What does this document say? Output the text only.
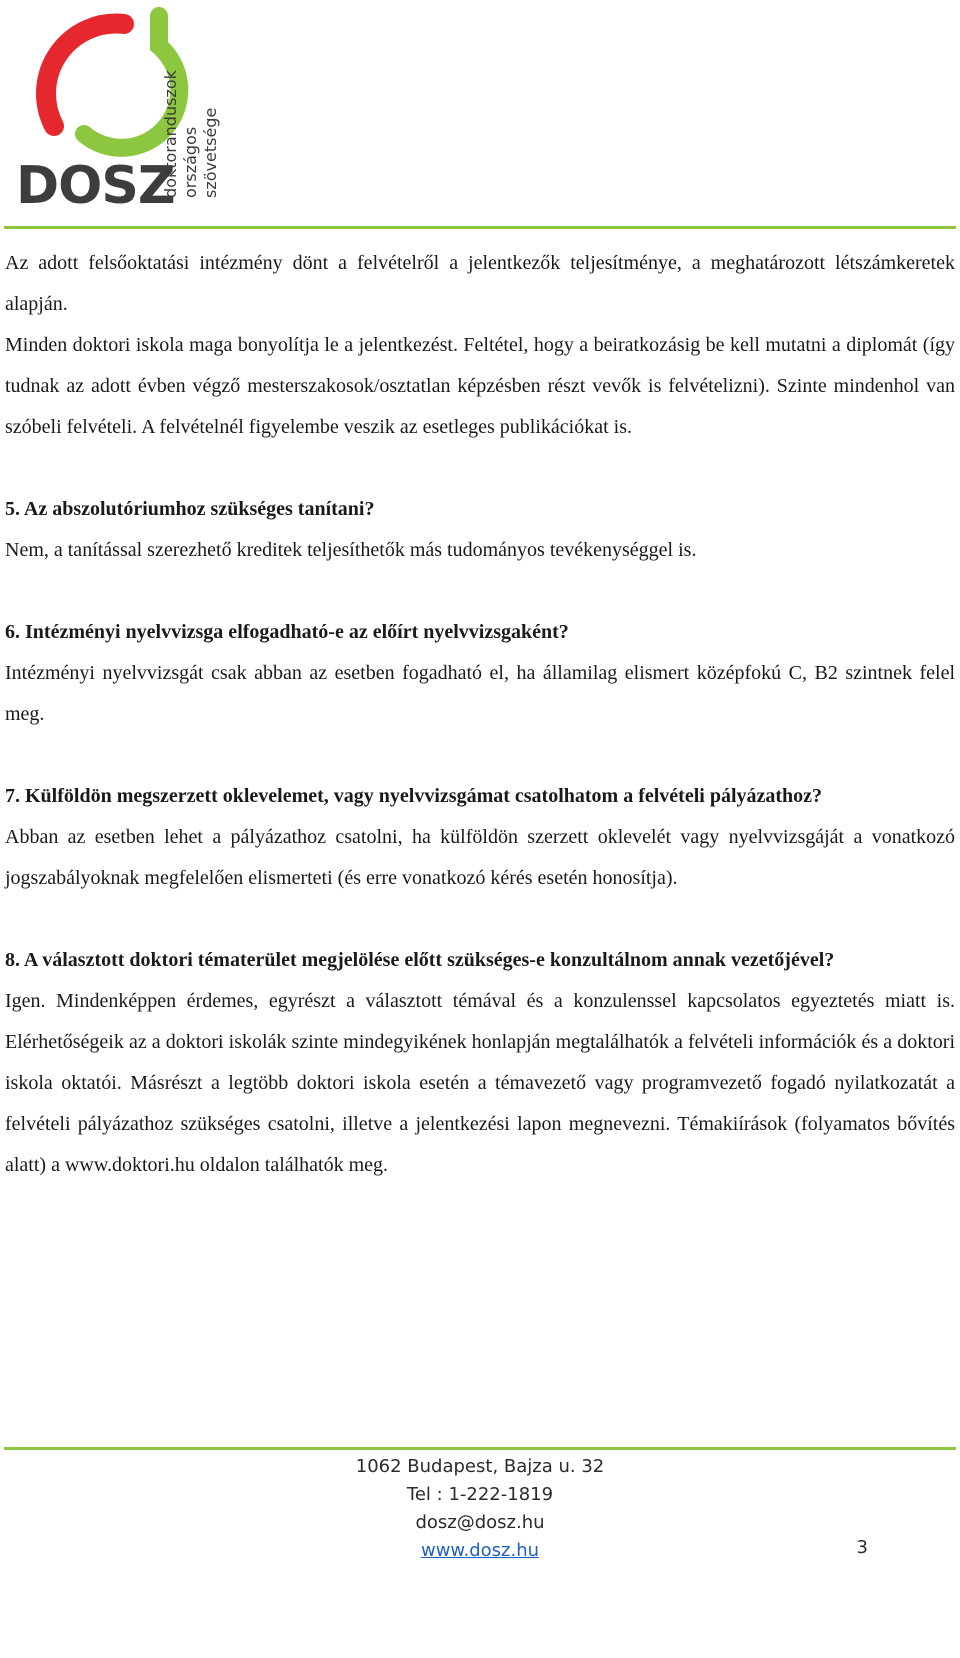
DOSZ
doktoranduszok országos szövetsége

Az adott felsőoktatási intézmény dönt a felvételről a jelentkezők teljesítménye, a meghatározott létszámkeretek alapján.

Minden doktori iskola maga bonyolítja le a jelentkezést. Feltétel, hogy a beiratkozásig be kell mutatni a diplomát (így tudnak az adott évben végző mesterszakosok/osztatlan képzésben részt vevők is felvételizni). Szinte mindenhol van szóbeli felvételi. A felvételnél figyelembe veszik az esetleges publikációkat is.

5. Az abszolutóriumhoz szükséges tanítani?

Nem, a tanítással szerezhető kreditek teljesíthetők más tudományos tevékenységgel is.

6. Intézményi nyelvvizsga elfogadható-e az előírt nyelvvizsgaként?

Intézményi nyelvvizsgát csak abban az esetben fogadható el, ha államilag elismert középfokú C, B2 szintnek felel meg.

7. Külföldön megszerzett oklevelemet, vagy nyelvvizsgámat csatolhatom a felvételi pályázathoz?

Abban az esetben lehet a pályázathoz csatolni, ha külföldön szerzett oklevelét vagy nyelvvizsgáját a vonatkozó jogszabályoknak megfelelően elismerteti (és erre vonatkozó kérés esetén honosítja).

8. A választott doktori tématerület megjelölése előtt szükséges-e konzultálnom annak vezetőjével?

Igen. Mindenképpen érdemes, egyrészt a választott témával és a konzulenssel kapcsolatos egyeztetés miatt is. Elérhetőségeik az a doktori iskolák szinte mindegyikének honlapján megtalálhatók a felvételi információk és a doktori iskola oktatói. Másrészt a legtöbb doktori iskola esetén a témavezető vagy programvezető fogadó nyilatkozatát a felvételi pályázathoz szükséges csatolni, illetve a jelentkezési lapon megnevezni. Témakiírások (folyamatos bővítés alatt) a www.doktori.hu oldalon találhatók meg.

1062 Budapest, Bajza u. 32
Tel : 1-222-1819
dosz@dosz.hu
www.dosz.hu	3
